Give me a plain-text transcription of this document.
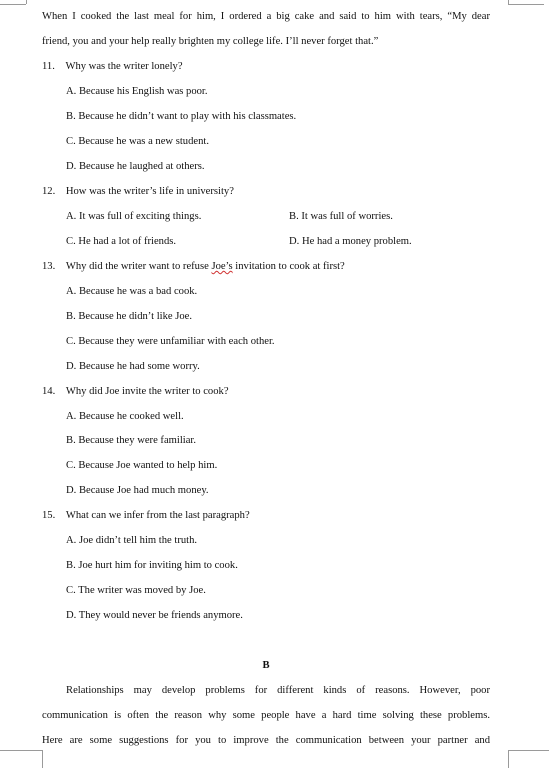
When I cooked the last meal for him, I ordered a big cake and said to him with tears, “My dear
friend, you and your help really brighten my college life. I’ll never forget that.”
11. Why was the writer lonely?
A. Because his English was poor.
B. Because he didn’t want to play with his classmates.
C. Because he was a new student.
D. Because he laughed at others.
12. How was the writer’s life in university?
A. It was full of exciting things.	B. It was full of worries.
C. He had a lot of friends.	D. He had a money problem.
13. Why did the writer want to refuse Joe’s invitation to cook at first?
A. Because he was a bad cook.
B. Because he didn’t like Joe.
C. Because they were unfamiliar with each other.
D. Because he had some worry.
14. Why did Joe invite the writer to cook?
A. Because he cooked well.
B. Because they were familiar.
C. Because Joe wanted to help him.
D. Because Joe had much money.
15. What can we infer from the last paragraph?
A. Joe didn’t tell him the truth.
B. Joe hurt him for inviting him to cook.
C. The writer was moved by Joe.
D. They would never be friends anymore.
B
Relationships may develop problems for different kinds of reasons. However, poor
communication is often the reason why some people have a hard time solving these problems.
Here are some suggestions for you to improve the communication between your partner and
